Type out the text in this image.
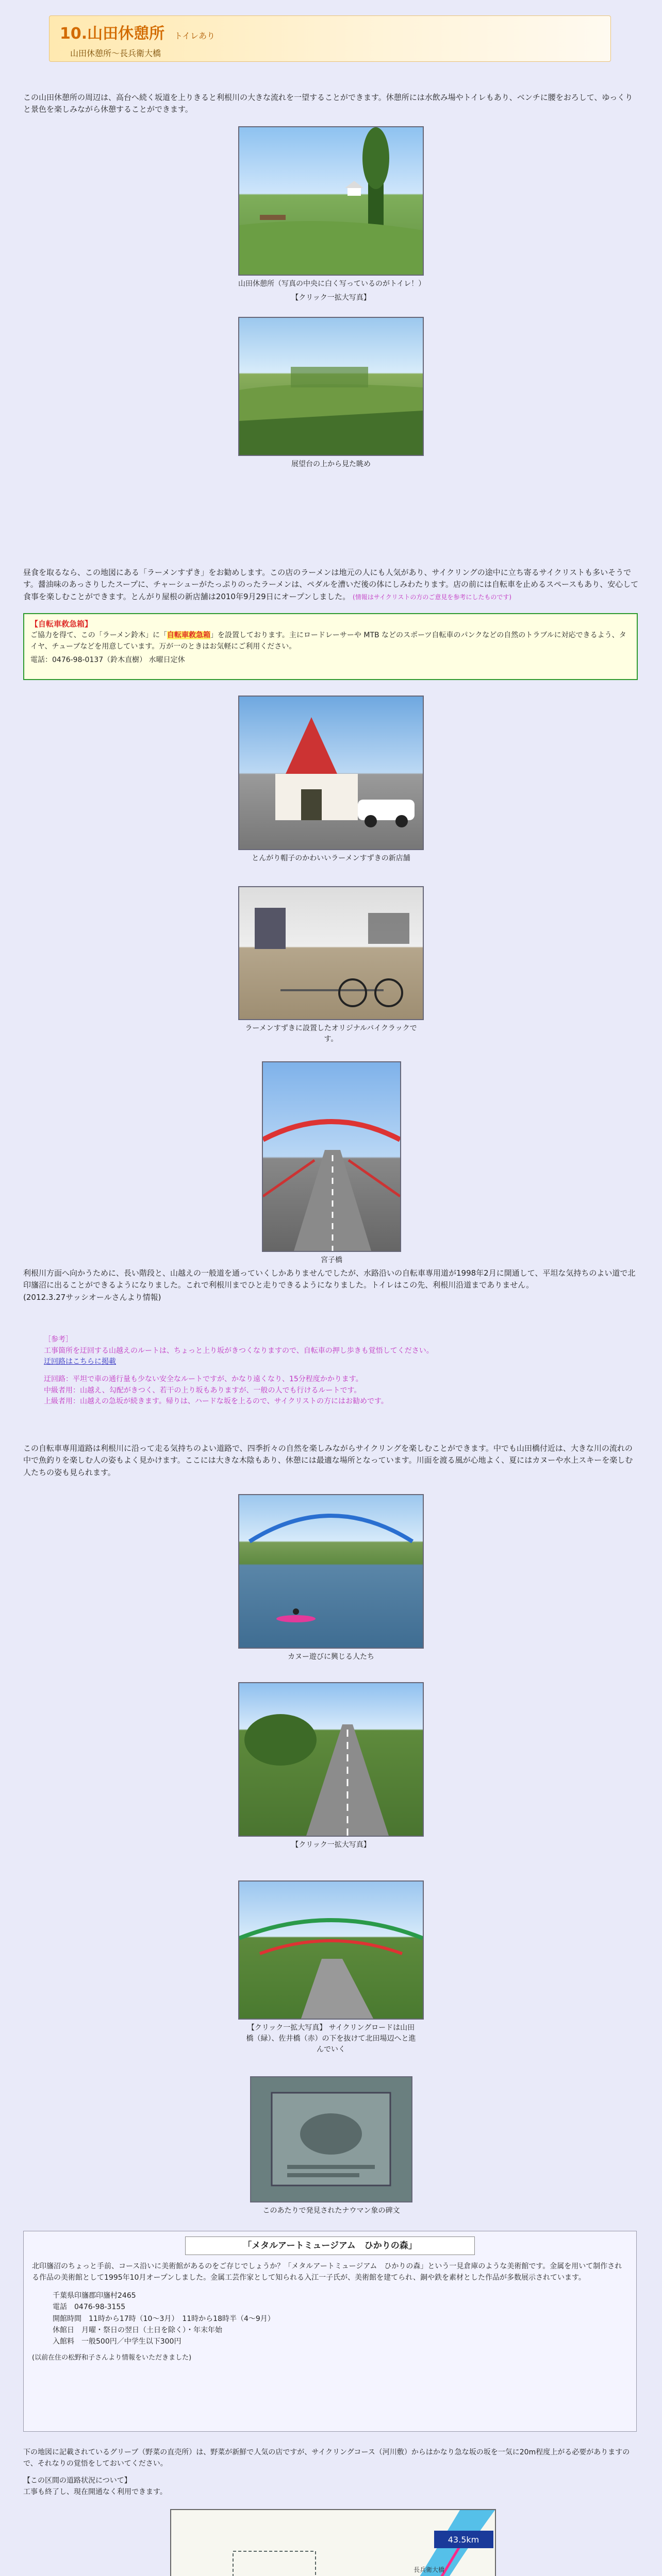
10.山田休憩所 トイレあり
山田休憩所～長兵衛大橋

この山田休憩所の周辺は、高台へ続く坂道を上りきると利根川の大きな流れを一望することができます。休憩所には水飲み場やトイレもあり、ベンチに腰をおろして、ゆっくりと景色を楽しみながら休憩することができます。

山田休憩所（写真の中央に白く写っているのがトイレ！）
【クリック一拡大写真】
展望台の上から見た眺め

昼食を取るなら、この地図にある「ラーメンすずき」をお勧めします。この店のラーメンは地元の人にも人気があり、サイクリングの途中に立ち寄るサイクリストも多いそうです。醤油味のあっさりしたスープに、チャーシューがたっぷりのったラーメンは、ペダルを漕いだ後の体にしみわたります。店の前には自転車を止めるスペースもあり、安心して食事を楽しむことができます。とんがり屋根の新店舗は2010年9月29日にオープンしました。 (情報はサイクリストの方のご意見を参考にしたものです)

【自転車救急箱】
ご協力を得て、この「ラーメン鈴木」に「自転車救急箱」を設置しております。主にロードレーサーや MTB などのスポーツ自転車のパンクなどの自然のトラブルに対応できるよう、タイヤ、チューブなどを用意しています。万が一のときはお気軽にご利用ください。
電話：0476-98-0137（鈴木直樹） 水曜日定休
とんがり帽子のかわいいラーメンすずきの新店舗
ラーメンすずきに設置したオリジナルバイクラックです。
宮子橋

利根川方面へ向かうために、長い階段と、山越えの一般道を通っていくしかありませんでしたが、水路沿いの自転車専用道が1998年2月に開通して、平坦な気持ちのよい道で北印旛沼に出ることができるようになりました。これで利根川までひと走りできるようになりました。トイレはこの先、利根川沿道までありません。
(2012.3.27サッシオールさんより情報)

［参考］
工事箇所を迂回する山越えのルートは、ちょっと上り坂がきつくなりますので、自転車の押し歩きも覚悟してください。
迂回路はこちらに掲載
迂回路：平坦で車の通行量も少ない安全なルートですが、かなり遠くなり、15分程度かかります。
中級者用：山越え、勾配がきつく、若干の上り坂もありますが、一般の人でも行けるルートです。
上級者用：山越えの急坂が続きます。帰りは、ハードな坂を上るので、サイクリストの方にはお勧めです。

この自転車専用道路は利根川に沿って走る気持ちのよい道路で、四季折々の自然を楽しみながらサイクリングを楽しむことができます。中でも山田橋付近は、大きな川の流れの中で魚釣りを楽しむ人の姿もよく見かけます。ここには大きな木陰もあり、休憩には最適な場所となっています。川面を渡る風が心地よく、夏にはカヌーや水上スキーを楽しむ人たちの姿も見られます。

カヌー遊びに興じる人たち
【クリック一拡大写真】
【クリック一拡大写真】 サイクリングロードは山田橋（緑）、佐井橋（赤）の下を抜けて北田場辺へと進んでいく
このあたりで発見されたナウマン象の碑文
「メタルアートミュージアム　ひかりの森」
北印旛沼のちょっと手前、コース沿いに美術館があるのをご存じでしょうか？「メタルアートミュージアム　ひかりの森」という一見倉庫のような美術館です。金属を用いて制作される作品の美術館として1995年10月オープンしました。金属工芸作家として知られる入江一子氏が、美術館を建てられ、銅や鉄を素材とした作品が多数展示されています。
千葉県印旛郡印旛村2465
電話　0476-98-3155
開館時間　11時から17時（10～3月）　11時から18時半（4～9月）
休館日　月曜・祭日の翌日（土日を除く）・年末年始
入館料　一般500円／中学生以下300円
(以前在住の松野和子さんより情報をいただきました)
下の地図に記載されているグリーブ（野菜の直売所）は、野菜が新鮮で人気の店ですが、サイクリングコース（河川敷）からはかなり急な坂の坂を一気に20m程度上がる必要がありますので、それなりの覚悟をしておいてください。
【この区間の道路状況について】
工事も終了し、現在開通なく利用できます。
43.5km
長兵衛大橋
